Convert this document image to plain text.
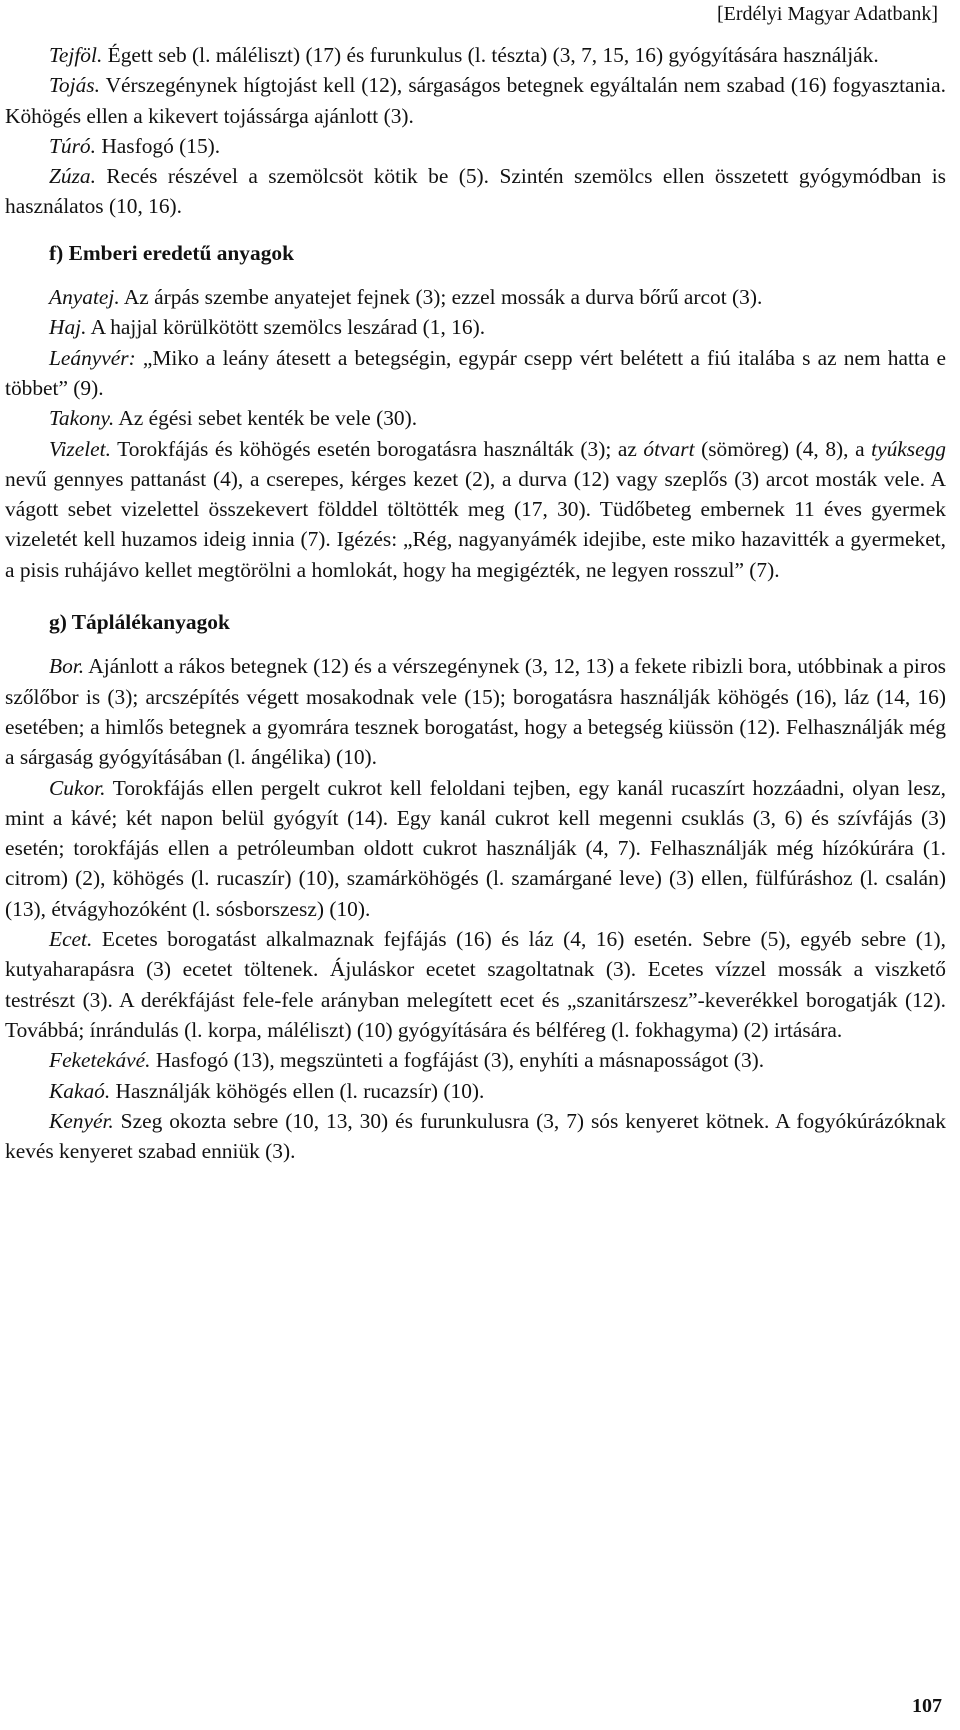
[Erdélyi Magyar Adatbank]

Tejföl. Égett seb (l. máléliszt) (17) és furunkulus (l. tészta) (3, 7, 15, 16) gyógyítására használják.

Tojás. Vérszegénynek hígtojást kell (12), sárgaságos betegnek egyáltalán nem szabad (16) fogyasztania. Köhögés ellen a kikevert tojássárga ajánlott (3).

Túró. Hasfogó (15).

Zúza. Recés részével a szemölcsöt kötik be (5). Szintén szemölcs ellen összetett gyógymódban is használatos (10, 16).

f) Emberi eredetű anyagok

Anyatej. Az árpás szembe anyatejet fejnek (3); ezzel mossák a durva bőrű arcot (3).

Haj. A hajjal körülkötött szemölcs leszárad (1, 16).

Leányvér: „Miko a leány átesett a betegségin, egypár csepp vért belétett a fiú italába s az nem hatta e többet” (9).

Takony. Az égési sebet kenték be vele (30).

Vizelet. Torokfájás és köhögés esetén borogatásra használták (3); az ótvart (sömöreg) (4, 8), a tyúksegg nevű gennyes pattanást (4), a cserepes, kérges kezet (2), a durva (12) vagy szeplős (3) arcot mosták vele. A vágott sebet vizelettel összekevert földdel töltötték meg (17, 30). Tüdőbeteg embernek 11 éves gyermek vizeletét kell huzamos ideig innia (7). Igézés: „Rég, nagyanyámék idejibe, este miko hazavitték a gyermeket, a pisis ruhájávo kellet megtörölni a homlokát, hogy ha megigézték, ne legyen rosszul” (7).

g) Táplálékanyagok

Bor. Ajánlott a rákos betegnek (12) és a vérszegénynek (3, 12, 13) a fekete ribizli bora, utóbbinak a piros szőlőbor is (3); arcszépítés végett mosakodnak vele (15); borogatásra használják köhögés (16), láz (14, 16) esetében; a himlős betegnek a gyomrára tesznek borogatást, hogy a betegség kiüssön (12). Felhasználják még a sárgaság gyógyításában (l. ángélika) (10).

Cukor. Torokfájás ellen pergelt cukrot kell feloldani tejben, egy kanál rucaszírt hozzáadni, olyan lesz, mint a kávé; két napon belül gyógyít (14). Egy kanál cukrot kell megenni csuklás (3, 6) és szívfájás (3) esetén; torokfájás ellen a petróleumban oldott cukrot használják (4, 7). Felhasználják még hízókúrára (1. citrom) (2), köhögés (l. rucaszír) (10), szamárköhögés (l. szamárgané leve) (3) ellen, fülfúráshoz (l. csalán) (13), étvágyhozóként (l. sósborszesz) (10).

Ecet. Ecetes borogatást alkalmaznak fejfájás (16) és láz (4, 16) esetén. Sebre (5), egyéb sebre (1), kutyaharapásra (3) ecetet töltenek. Ájuláskor ecetet szagoltatnak (3). Ecetes vízzel mossák a viszkető testrészt (3). A derékfájást fele-fele arányban melegített ecet és „szanitárszesz”-keverékkel borogatják (12). Továbbá; ínrándulás (l. korpa, máléliszt) (10) gyógyítására és bélféreg (l. fokhagyma) (2) irtására.

Feketekávé. Hasfogó (13), megszünteti a fogfájást (3), enyhíti a másnaposságot (3).

Kakaó. Használják köhögés ellen (l. rucazsír) (10).

Kenyér. Szeg okozta sebre (10, 13, 30) és furunkulusra (3, 7) sós kenyeret kötnek. A fogyókúrázóknak kevés kenyeret szabad enniük (3).

107
